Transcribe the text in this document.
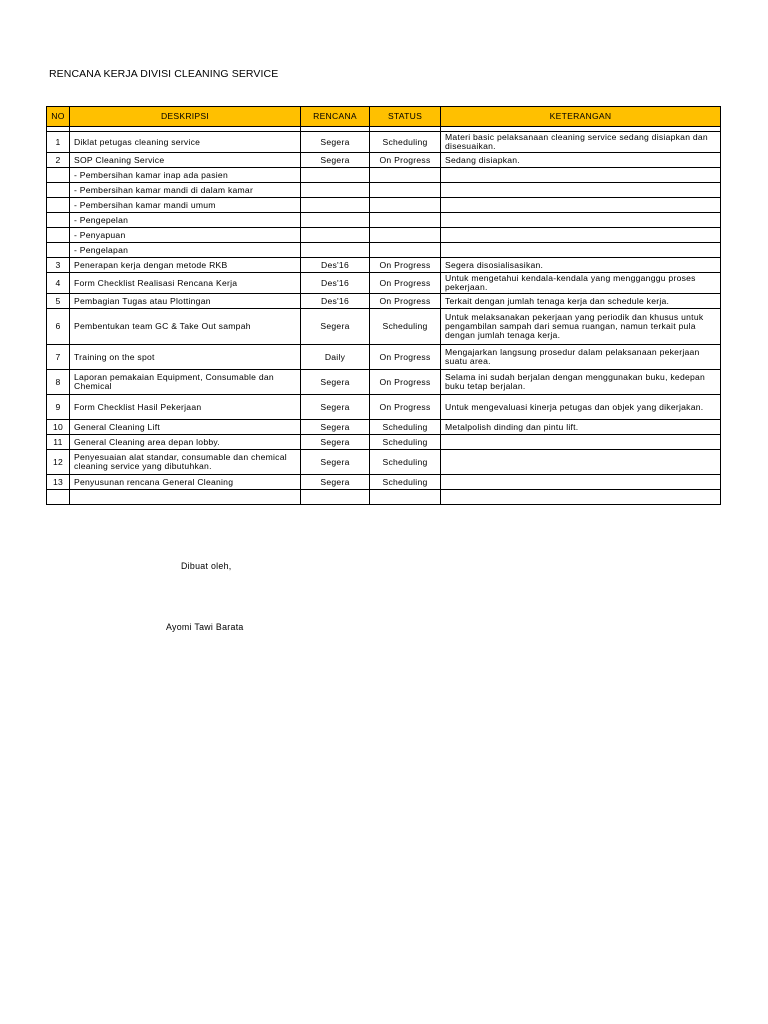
RENCANA KERJA DIVISI CLEANING SERVICE
NO	DESKRIPSI	RENCANA	STATUS	KETERANGAN

1	Diklat petugas cleaning service	Segera	Scheduling	Materi basic pelaksanaan cleaning service sedang disiapkan dan disesuaikan.
2	SOP Cleaning Service	Segera	On Progress	Sedang disiapkan.
	- Pembersihan kamar inap ada pasien			
	- Pembersihan kamar mandi di dalam kamar			
	- Pembersihan kamar mandi umum			
	- Pengepelan			
	- Penyapuan			
	- Pengelapan			
3	Penerapan kerja dengan metode RKB	Des'16	On Progress	Segera disosialisasikan.
4	Form Checklist Realisasi Rencana Kerja	Des'16	On Progress	Untuk mengetahui kendala-kendala yang mengganggu proses pekerjaan.
5	Pembagian Tugas atau Plottingan	Des'16	On Progress	Terkait dengan jumlah tenaga kerja dan schedule kerja.
6	Pembentukan team GC & Take Out sampah	Segera	Scheduling	Untuk melaksanakan pekerjaan yang periodik dan khusus untuk pengambilan sampah dari semua ruangan, namun terkait pula dengan jumlah tenaga kerja.
7	Training on the spot	Daily	On Progress	Mengajarkan langsung prosedur dalam pelaksanaan pekerjaan suatu area.
8	Laporan pemakaian Equipment, Consumable dan Chemical	Segera	On Progress	Selama ini sudah berjalan dengan menggunakan buku, kedepan buku tetap berjalan.
9	Form Checklist Hasil Pekerjaan	Segera	On Progress	Untuk mengevaluasi kinerja petugas dan objek yang dikerjakan.
10	General Cleaning Lift	Segera	Scheduling	Metalpolish dinding dan pintu lift.
11	General Cleaning area depan lobby.	Segera	Scheduling	
12	Penyesuaian alat standar, consumable dan chemical cleaning service yang dibutuhkan.	Segera	Scheduling	
13	Penyusunan rencana General Cleaning	Segera	Scheduling	

Dibuat oleh,
Ayomi Tawi Barata
